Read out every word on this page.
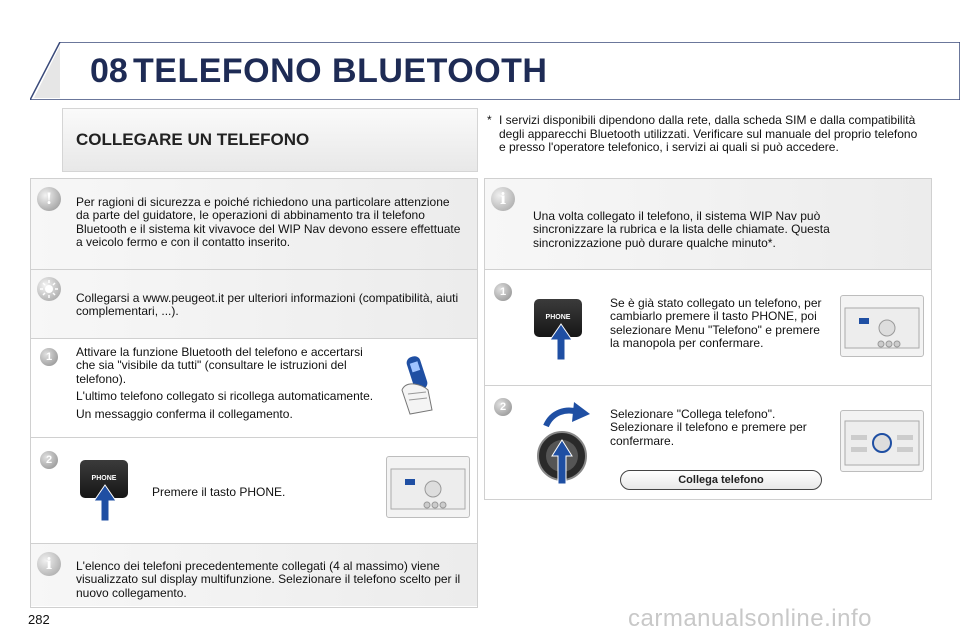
08 TELEFONO BLUETOOTH
COLLEGARE UN TELEFONO
* I servizi disponibili dipendono dalla rete, dalla scheda SIM e dalla compatibilità degli apparecchi Bluetooth utilizzati. Verificare sul manuale del proprio telefono e presso l'operatore telefonico, i servizi ai quali si può accedere.
!	Per ragioni di sicurezza e poiché richiedono una particolare attenzione da parte del guidatore, le operazioni di abbinamento tra il telefono Bluetooth e il sistema kit vivavoce del WIP Nav devono essere effettuate a veicolo fermo e con il contatto inserito.
Collegarsi a www.peugeot.it per ulteriori informazioni (compatibilità, aiuti complementari, ...).
1	Attivare la funzione Bluetooth del telefono e accertarsi che sia "visibile da tutti" (consultare le istruzioni del telefono).
L'ultimo telefono collegato si ricollega automaticamente.
Un messaggio conferma il collegamento.
2
PHONE
Premere il tasto PHONE.
i	L'elenco dei telefoni precedentemente collegati (4 al massimo) viene visualizzato sul display multifunzione. Selezionare il telefono scelto per il nuovo collegamento.
i
Una volta collegato il telefono, il sistema WIP Nav può sincronizzare la rubrica e la lista delle chiamate. Questa sincronizzazione può durare qualche minuto*.
1
PHONE
Se è già stato collegato un telefono, per cambiarlo premere il tasto PHONE, poi selezionare Menu "Telefono" e premere la manopola per confermare.
2	Selezionare "Collega telefono". Selezionare il telefono e premere per confermare.
Collega telefono
282	carmanualsonline.info
